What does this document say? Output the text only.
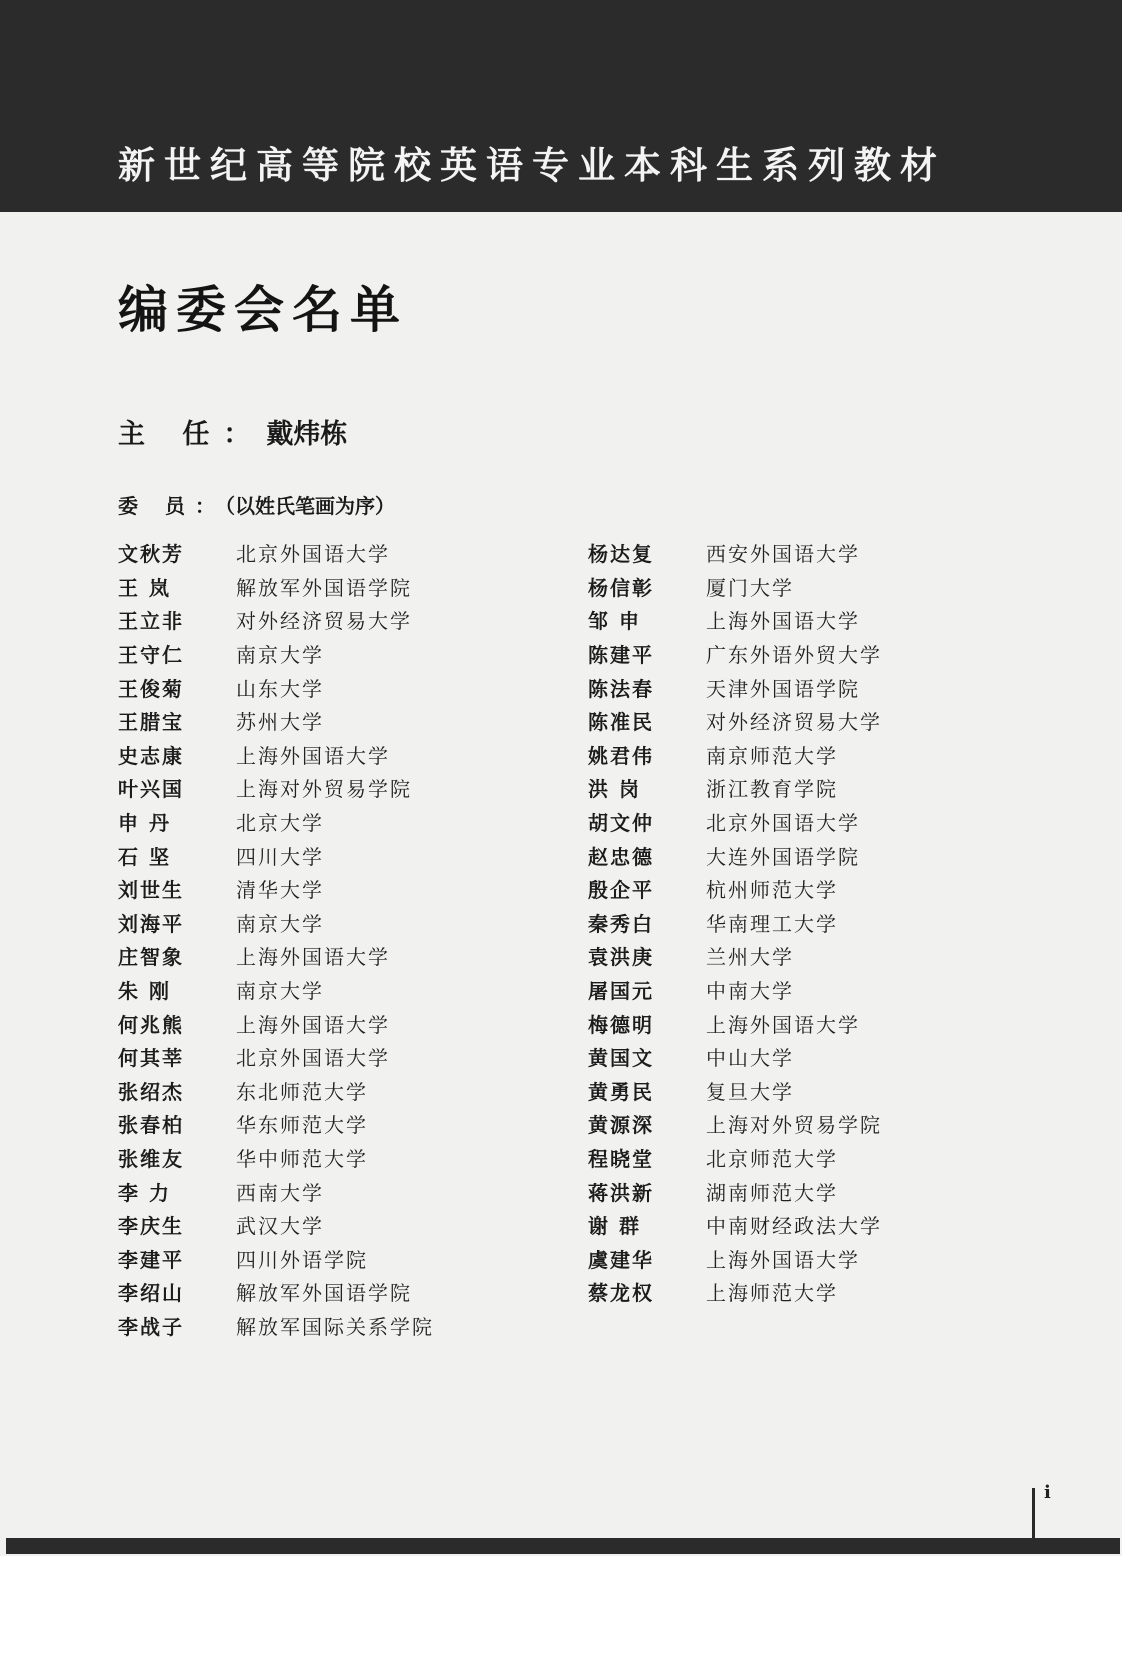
新世纪高等院校英语专业本科生系列教材
编委会名单
主 任：戴炜栋
委 员：（以姓氏笔画为序）
文秋芳	北京外国语大学
王 岚	解放军外国语学院
王立非	对外经济贸易大学
王守仁	南京大学
王俊菊	山东大学
王腊宝	苏州大学
史志康	上海外国语大学
叶兴国	上海对外贸易学院
申 丹	北京大学
石 坚	四川大学
刘世生	清华大学
刘海平	南京大学
庄智象	上海外国语大学
朱 刚	南京大学
何兆熊	上海外国语大学
何其莘	北京外国语大学
张绍杰	东北师范大学
张春柏	华东师范大学
张维友	华中师范大学
李 力	西南大学
李庆生	武汉大学
李建平	四川外语学院
李绍山	解放军外国语学院
李战子	解放军国际关系学院
杨达复	西安外国语大学
杨信彰	厦门大学
邹 申	上海外国语大学
陈建平	广东外语外贸大学
陈法春	天津外国语学院
陈准民	对外经济贸易大学
姚君伟	南京师范大学
洪 岗	浙江教育学院
胡文仲	北京外国语大学
赵忠德	大连外国语学院
殷企平	杭州师范大学
秦秀白	华南理工大学
袁洪庚	兰州大学
屠国元	中南大学
梅德明	上海外国语大学
黄国文	中山大学
黄勇民	复旦大学
黄源深	上海对外贸易学院
程晓堂	北京师范大学
蒋洪新	湖南师范大学
谢 群	中南财经政法大学
虞建华	上海外国语大学
蔡龙权	上海师范大学
i
